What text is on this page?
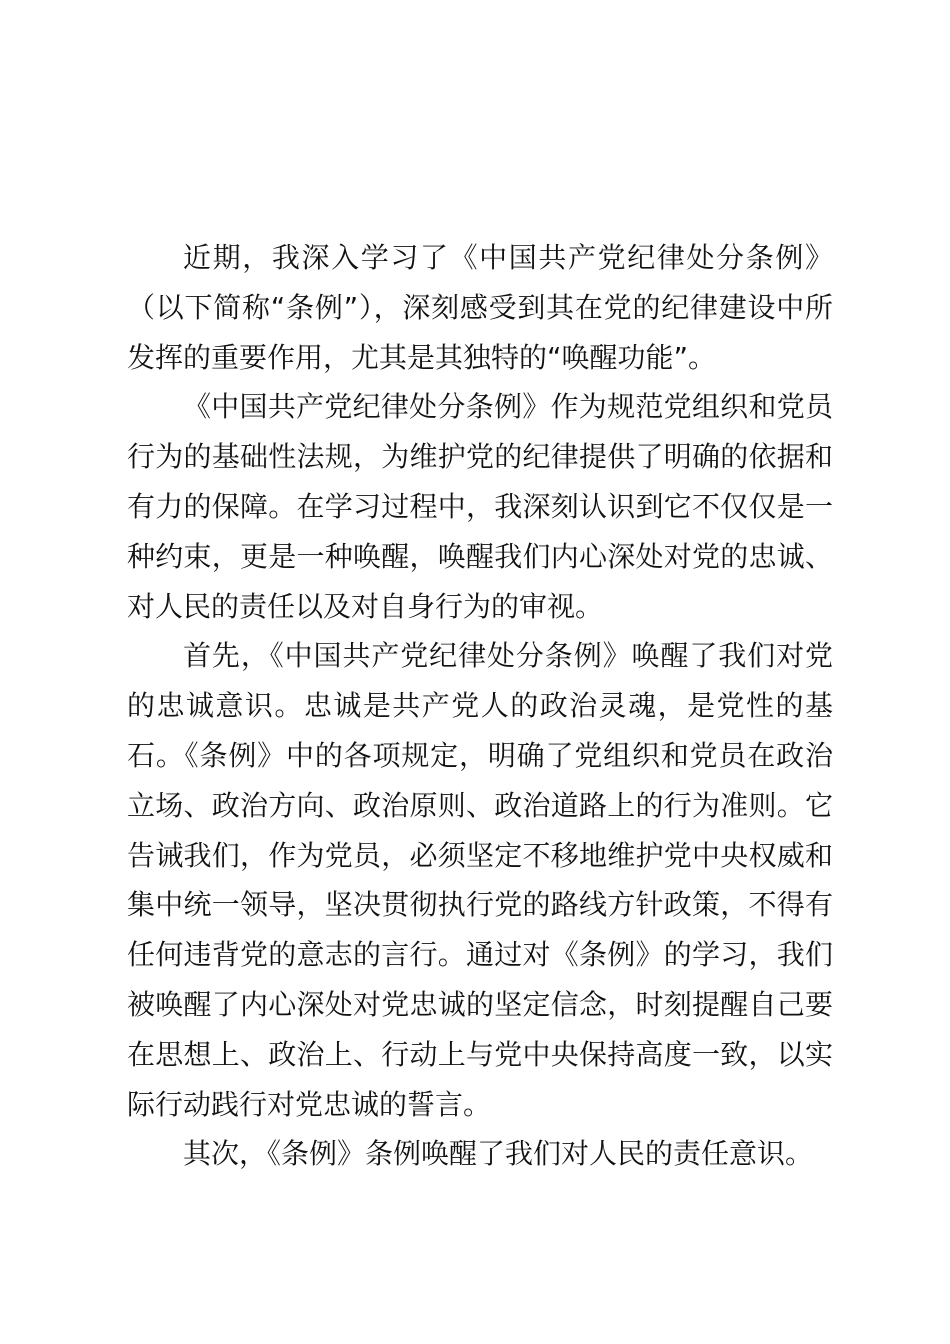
近期，我深入学习了《中国共产党纪律处分条例》（以下简称“条例”），深刻感受到其在党的纪律建设中所发挥的重要作用，尤其是其独特的“唤醒功能”。

《中国共产党纪律处分条例》作为规范党组织和党员行为的基础性法规，为维护党的纪律提供了明确的依据和有力的保障。在学习过程中，我深刻认识到它不仅仅是一种约束，更是一种唤醒，唤醒我们内心深处对党的忠诚、对人民的责任以及对自身行为的审视。

首先，《中国共产党纪律处分条例》唤醒了我们对党的忠诚意识。忠诚是共产党人的政治灵魂，是党性的基石。《条例》中的各项规定，明确了党组织和党员在政治立场、政治方向、政治原则、政治道路上的行为准则。它告诫我们，作为党员，必须坚定不移地维护党中央权威和集中统一领导，坚决贯彻执行党的路线方针政策，不得有任何违背党的意志的言行。通过对《条例》的学习，我们被唤醒了内心深处对党忠诚的坚定信念，时刻提醒自己要在思想上、政治上、行动上与党中央保持高度一致，以实际行动践行对党忠诚的誓言。

其次，《条例》条例唤醒了我们对人民的责任意识。
